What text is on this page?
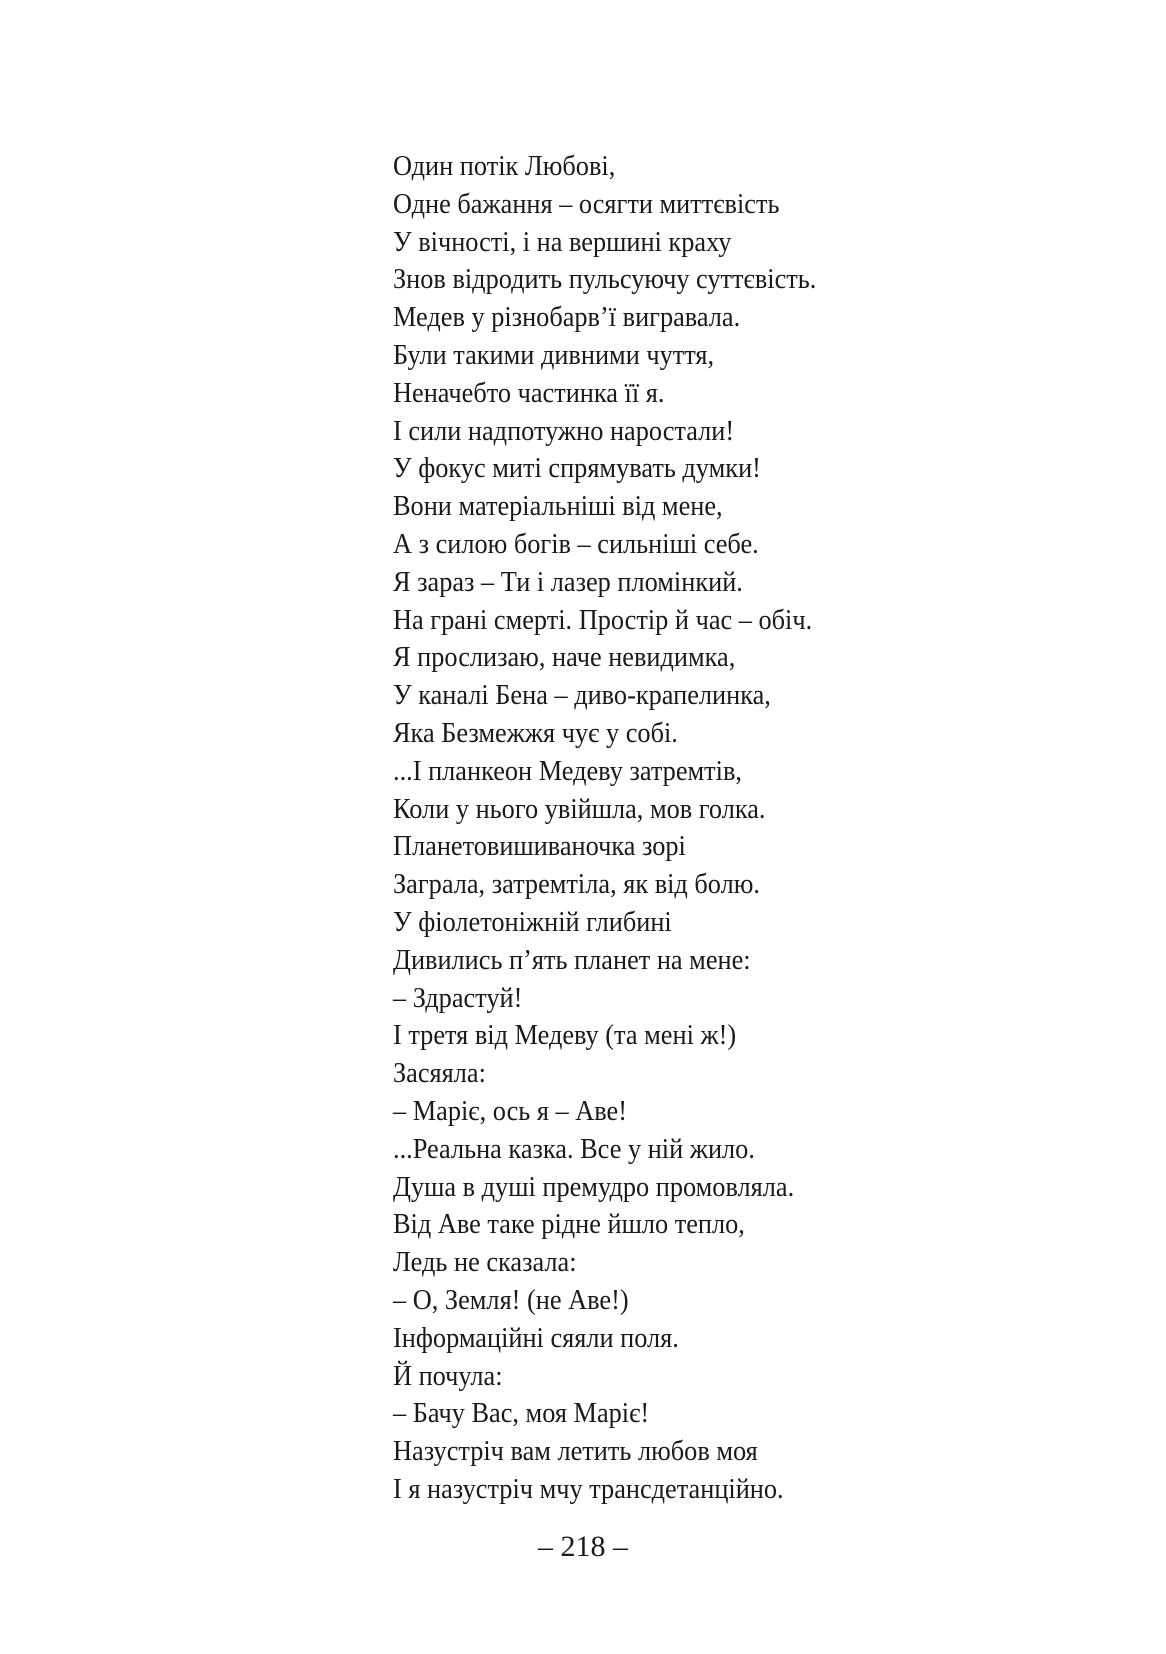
Один потік Любові,
Одне бажання – осягти миттєвість
У вічності, і на вершині краху
Знов відродить пульсуючу суттєвість.
Медев у різнобарв’ї вигравала.
Були такими дивними чуття,
Неначебто частинка її я.
І сили надпотужно наростали!
У фокус миті спрямувать думки!
Вони матеріальніші від мене,
А з силою богів – сильніші себе.
Я зараз – Ти і лазер пломінкий.
На грані смерті. Простір й час – обіч.
Я прослизаю, наче невидимка,
У каналі Бена – диво-крапелинка,
Яка Безмежжя чує у собі.
...І планкеон Медеву затремтів,
Коли у нього увійшла, мов голка.
Планетовишиваночка зорі
Заграла, затремтіла, як від болю.
У фіолетоніжній глибині
Дивились п’ять планет на мене:
– Здрастуй!
І третя від Медеву (та мені ж!)
Засяяла:
– Маріє, ось я – Аве!
...Реальна казка. Все у ній жило.
Душа в душі премудро промовляла.
Від Аве таке рідне йшло тепло,
Ледь не сказала:
– О, Земля! (не Аве!)
Інформаційні сяяли поля.
Й почула:
– Бачу Вас, моя Маріє!
Назустріч вам летить любов моя
І я назустріч мчу трансдетанційно.

– 218 –
